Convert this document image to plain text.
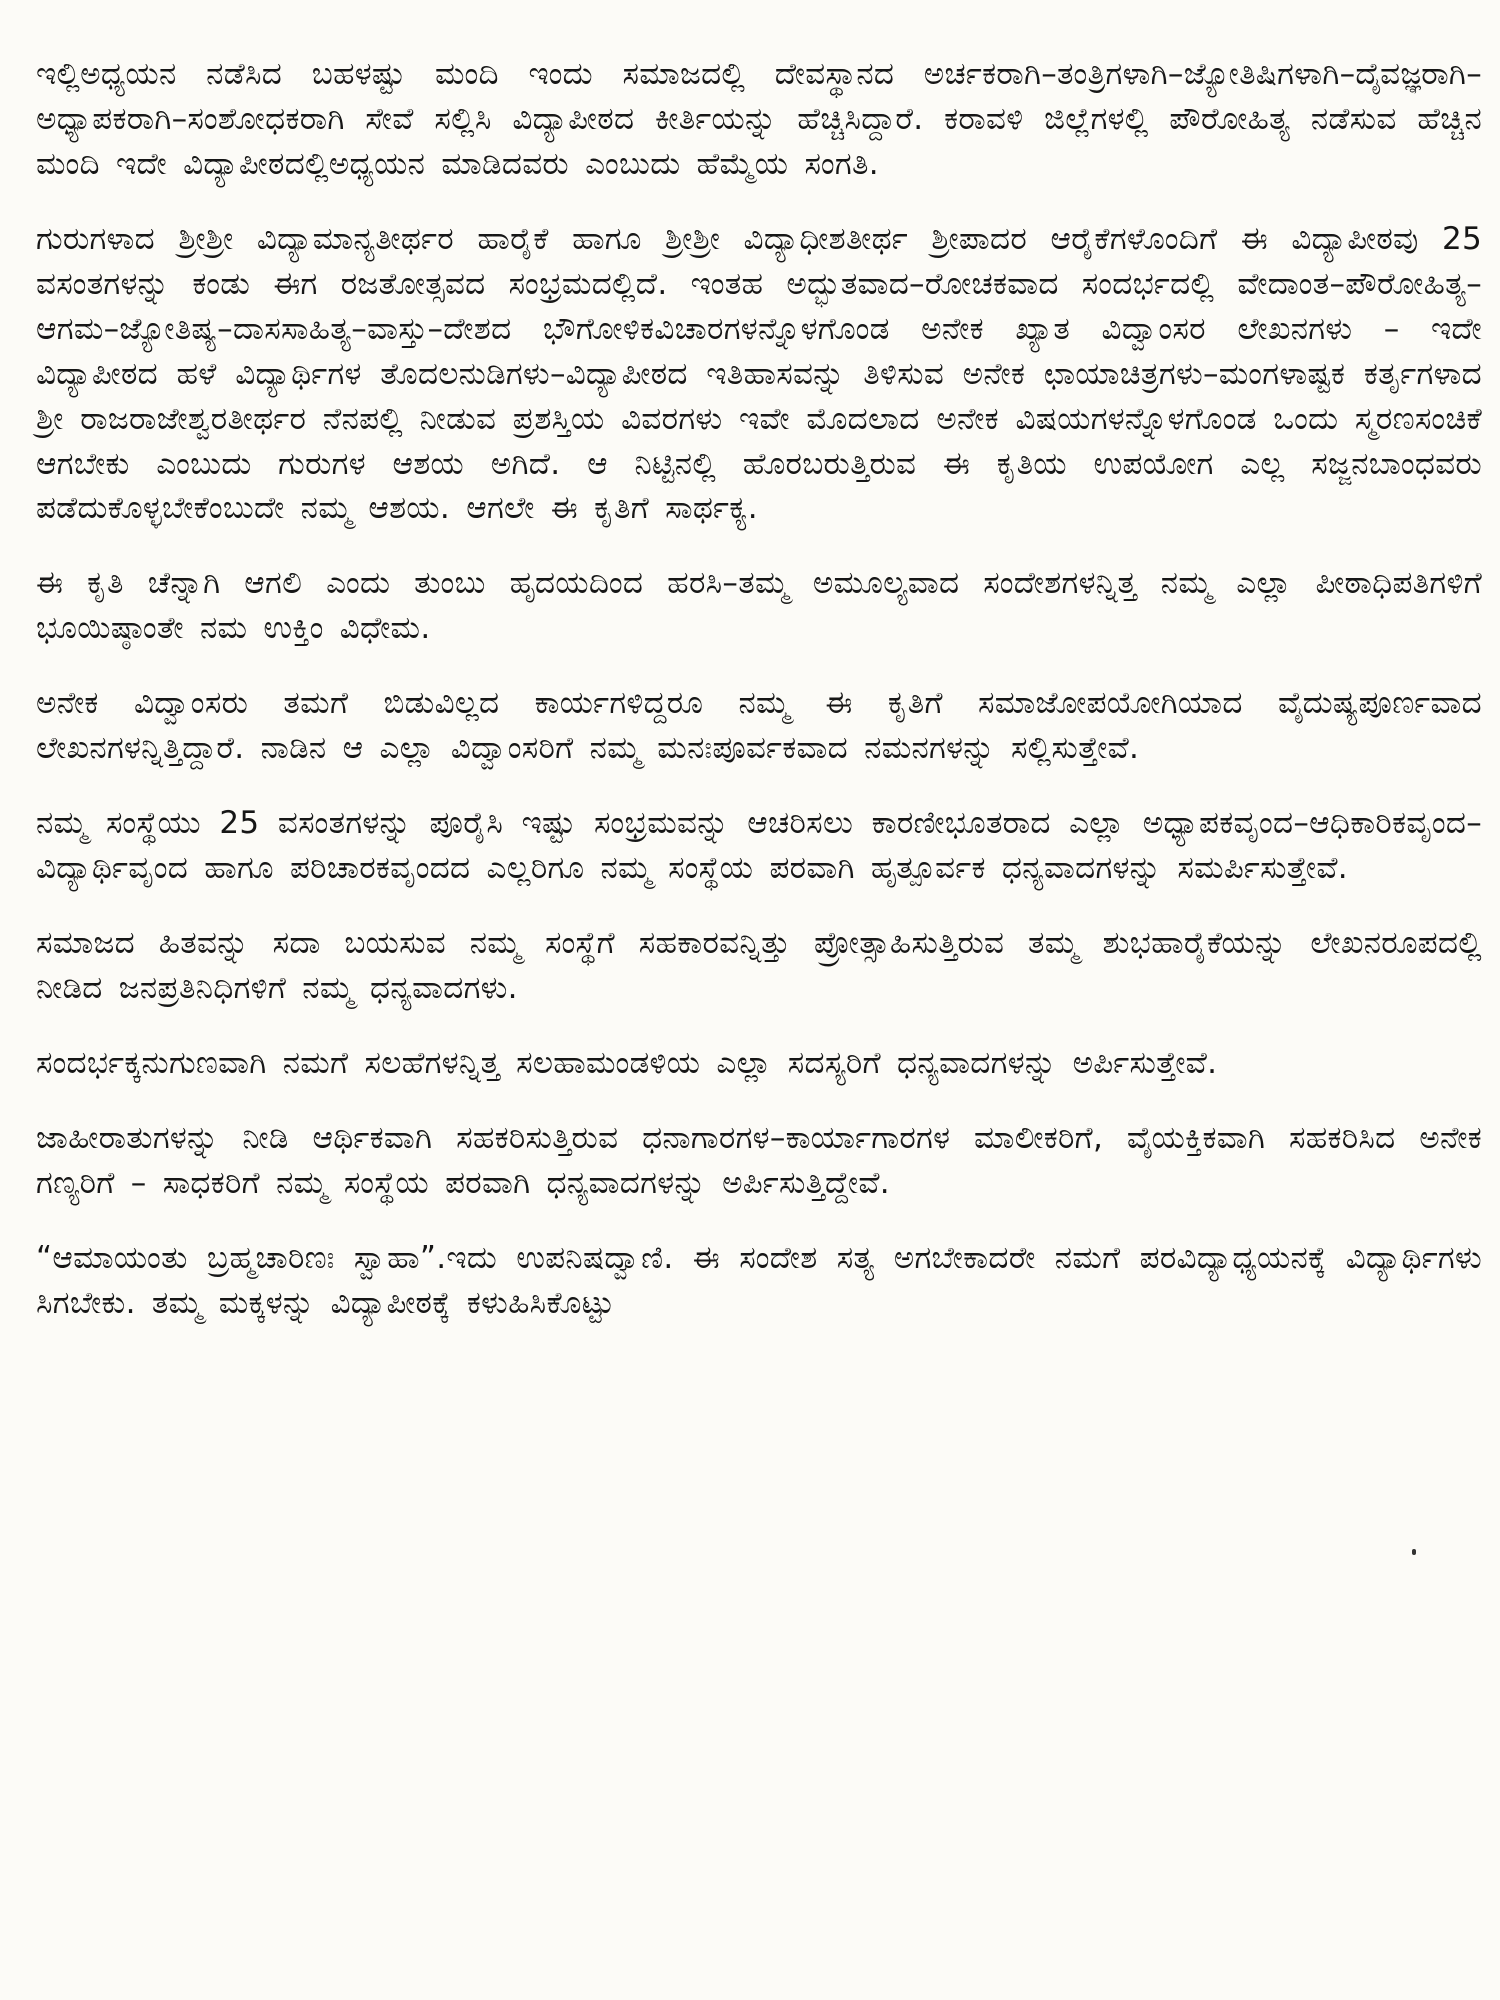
ಇಲ್ಲಿಅಧ್ಯಯನ ನಡೆಸಿದ ಬಹಳಷ್ಟು ಮಂದಿ ಇಂದು ಸಮಾಜದಲ್ಲಿ ದೇವಸ್ಥಾನದ ಅರ್ಚಕರಾಗಿ–ತಂತ್ರಿಗಳಾಗಿ–ಜ್ಯೋತಿಷಿಗಳಾಗಿ–ದೈವಜ್ಞರಾಗಿ–ಅಧ್ಯಾಪಕರಾಗಿ–ಸಂಶೋಧಕರಾಗಿ ಸೇವೆ ಸಲ್ಲಿಸಿ ವಿದ್ಯಾಪೀಠದ ಕೀರ್ತಿಯನ್ನು ಹೆಚ್ಚಿಸಿದ್ದಾರೆ. ಕರಾವಳಿ ಜಿಲ್ಲೆಗಳಲ್ಲಿ ಪೌರೋಹಿತ್ಯ ನಡೆಸುವ ಹೆಚ್ಚಿನ ಮಂದಿ ಇದೇ ವಿದ್ಯಾಪೀಠದಲ್ಲಿಅಧ್ಯಯನ ಮಾಡಿದವರು ಎಂಬುದು ಹೆಮ್ಮೆಯ ಸಂಗತಿ.

ಗುರುಗಳಾದ ಶ್ರೀಶ್ರೀ ವಿದ್ಯಾಮಾನ್ಯತೀರ್ಥರ ಹಾರೈಕೆ ಹಾಗೂ ಶ್ರೀಶ್ರೀ ವಿದ್ಯಾಧೀಶತೀರ್ಥ ಶ್ರೀಪಾದರ ಆರೈಕೆಗಳೊಂದಿಗೆ ಈ ವಿದ್ಯಾಪೀಠವು 25 ವಸಂತಗಳನ್ನು ಕಂಡು ಈಗ ರಜತೋತ್ಸವದ ಸಂಭ್ರಮದಲ್ಲಿದೆ. ಇಂತಹ ಅದ್ಭುತವಾದ–ರೋಚಕವಾದ ಸಂದರ್ಭದಲ್ಲಿ ವೇದಾಂತ–ಪೌರೋಹಿತ್ಯ–ಆಗಮ–ಜ್ಯೋತಿಷ್ಯ–ದಾಸಸಾಹಿತ್ಯ–ವಾಸ್ತು–ದೇಶದ ಭೌಗೋಳಿಕವಿಚಾರಗಳನ್ನೊಳಗೊಂಡ ಅನೇಕ ಖ್ಯಾತ ವಿದ್ವಾಂಸರ ಲೇಖನಗಳು – ಇದೇ ವಿದ್ಯಾಪೀಠದ ಹಳೆ ವಿದ್ಯಾರ್ಥಿಗಳ ತೊದಲನುಡಿಗಳು–ವಿದ್ಯಾಪೀಠದ ಇತಿಹಾಸವನ್ನು ತಿಳಿಸುವ ಅನೇಕ ಛಾಯಾಚಿತ್ರಗಳು–ಮಂಗಳಾಷ್ಟಕ ಕರ್ತೃಗಳಾದ ಶ್ರೀ ರಾಜರಾಜೇಶ್ವರತೀರ್ಥರ ನೆನಪಲ್ಲಿ ನೀಡುವ ಪ್ರಶಸ್ತಿಯ ವಿವರಗಳು ಇವೇ ಮೊದಲಾದ ಅನೇಕ ವಿಷಯಗಳನ್ನೊಳಗೊಂಡ ಒಂದು ಸ್ಮರಣಸಂಚಿಕೆ ಆಗಬೇಕು ಎಂಬುದು ಗುರುಗಳ ಆಶಯ ಅಗಿದೆ. ಆ ನಿಟ್ಟಿನಲ್ಲಿ ಹೊರಬರುತ್ತಿರುವ ಈ ಕೃತಿಯ ಉಪಯೋಗ ಎಲ್ಲ ಸಜ್ಜನಬಾಂಧವರು ಪಡೆದುಕೊಳ್ಳಬೇಕೆಂಬುದೇ ನಮ್ಮ ಆಶಯ. ಆಗಲೇ ಈ ಕೃತಿಗೆ ಸಾರ್ಥಕ್ಯ.

ಈ ಕೃತಿ ಚೆನ್ನಾಗಿ ಆಗಲಿ ಎಂದು ತುಂಬು ಹೃದಯದಿಂದ ಹರಸಿ–ತಮ್ಮ ಅಮೂಲ್ಯವಾದ ಸಂದೇಶಗಳನ್ನಿತ್ತ ನಮ್ಮ ಎಲ್ಲಾ ಪೀಠಾಧಿಪತಿಗಳಿಗೆ ಭೂಯಿಷ್ಠಾಂತೇ ನಮ ಉಕ್ತಿಂ ವಿಧೇಮ.

ಅನೇಕ ವಿದ್ವಾಂಸರು ತಮಗೆ ಬಿಡುವಿಲ್ಲದ ಕಾರ್ಯಗಳಿದ್ದರೂ ನಮ್ಮ ಈ ಕೃತಿಗೆ ಸಮಾಜೋಪಯೋಗಿಯಾದ ವೈದುಷ್ಯಪೂರ್ಣವಾದ ಲೇಖನಗಳನ್ನಿತ್ತಿದ್ದಾರೆ. ನಾಡಿನ ಆ ಎಲ್ಲಾ ವಿದ್ವಾಂಸರಿಗೆ ನಮ್ಮ ಮನಃಪೂರ್ವಕವಾದ ನಮನಗಳನ್ನು ಸಲ್ಲಿಸುತ್ತೇವೆ.

ನಮ್ಮ ಸಂಸ್ಥೆಯು 25 ವಸಂತಗಳನ್ನು ಪೂರೈಸಿ ಇಷ್ಟು ಸಂಭ್ರಮವನ್ನು ಆಚರಿಸಲು ಕಾರಣೀಭೂತರಾದ ಎಲ್ಲಾ ಅಧ್ಯಾಪಕವೃಂದ–ಆಧಿಕಾರಿಕವೃಂದ–ವಿದ್ಯಾರ್ಥಿವೃಂದ ಹಾಗೂ ಪರಿಚಾರಕವೃಂದದ ಎಲ್ಲರಿಗೂ ನಮ್ಮ ಸಂಸ್ಥೆಯ ಪರವಾಗಿ ಹೃತ್ಪೂರ್ವಕ ಧನ್ಯವಾದಗಳನ್ನು ಸಮರ್ಪಿಸುತ್ತೇವೆ.

ಸಮಾಜದ ಹಿತವನ್ನು ಸದಾ ಬಯಸುವ ನಮ್ಮ ಸಂಸ್ಥೆಗೆ ಸಹಕಾರವನ್ನಿತ್ತು ಪ್ರೋತ್ಸಾಹಿಸುತ್ತಿರುವ ತಮ್ಮ ಶುಭಹಾರೈಕೆಯನ್ನು ಲೇಖನರೂಪದಲ್ಲಿ ನೀಡಿದ ಜನಪ್ರತಿನಿಧಿಗಳಿಗೆ ನಮ್ಮ ಧನ್ಯವಾದಗಳು.

ಸಂದರ್ಭಕ್ಕನುಗುಣವಾಗಿ ನಮಗೆ ಸಲಹೆಗಳನ್ನಿತ್ತ ಸಲಹಾಮಂಡಳಿಯ ಎಲ್ಲಾ ಸದಸ್ಯರಿಗೆ ಧನ್ಯವಾದಗಳನ್ನು ಅರ್ಪಿಸುತ್ತೇವೆ.

ಜಾಹೀರಾತುಗಳನ್ನು ನೀಡಿ ಆರ್ಥಿಕವಾಗಿ ಸಹಕರಿಸುತ್ತಿರುವ ಧನಾಗಾರಗಳ–ಕಾರ್ಯಾಗಾರಗಳ ಮಾಲೀಕರಿಗೆ, ವೈಯಕ್ತಿಕವಾಗಿ ಸಹಕರಿಸಿದ ಅನೇಕ ಗಣ್ಯರಿಗೆ – ಸಾಧಕರಿಗೆ ನಮ್ಮ ಸಂಸ್ಥೆಯ ಪರವಾಗಿ ಧನ್ಯವಾದಗಳನ್ನು ಅರ್ಪಿಸುತ್ತಿದ್ದೇವೆ.

“ಆಮಾಯಂತು ಬ್ರಹ್ಮಚಾರಿಣಃ ಸ್ವಾಹಾ”.ಇದು ಉಪನಿಷದ್ವಾಣಿ. ಈ ಸಂದೇಶ ಸತ್ಯ ಅಗಬೇಕಾದರೇ ನಮಗೆ ಪರವಿದ್ಯಾಧ್ಯಯನಕ್ಕೆ ವಿದ್ಯಾರ್ಥಿಗಳು ಸಿಗಬೇಕು. ತಮ್ಮ ಮಕ್ಕಳನ್ನು ವಿದ್ಯಾಪೀಠಕ್ಕೆ ಕಳುಹಿಸಿಕೊಟ್ಟು
